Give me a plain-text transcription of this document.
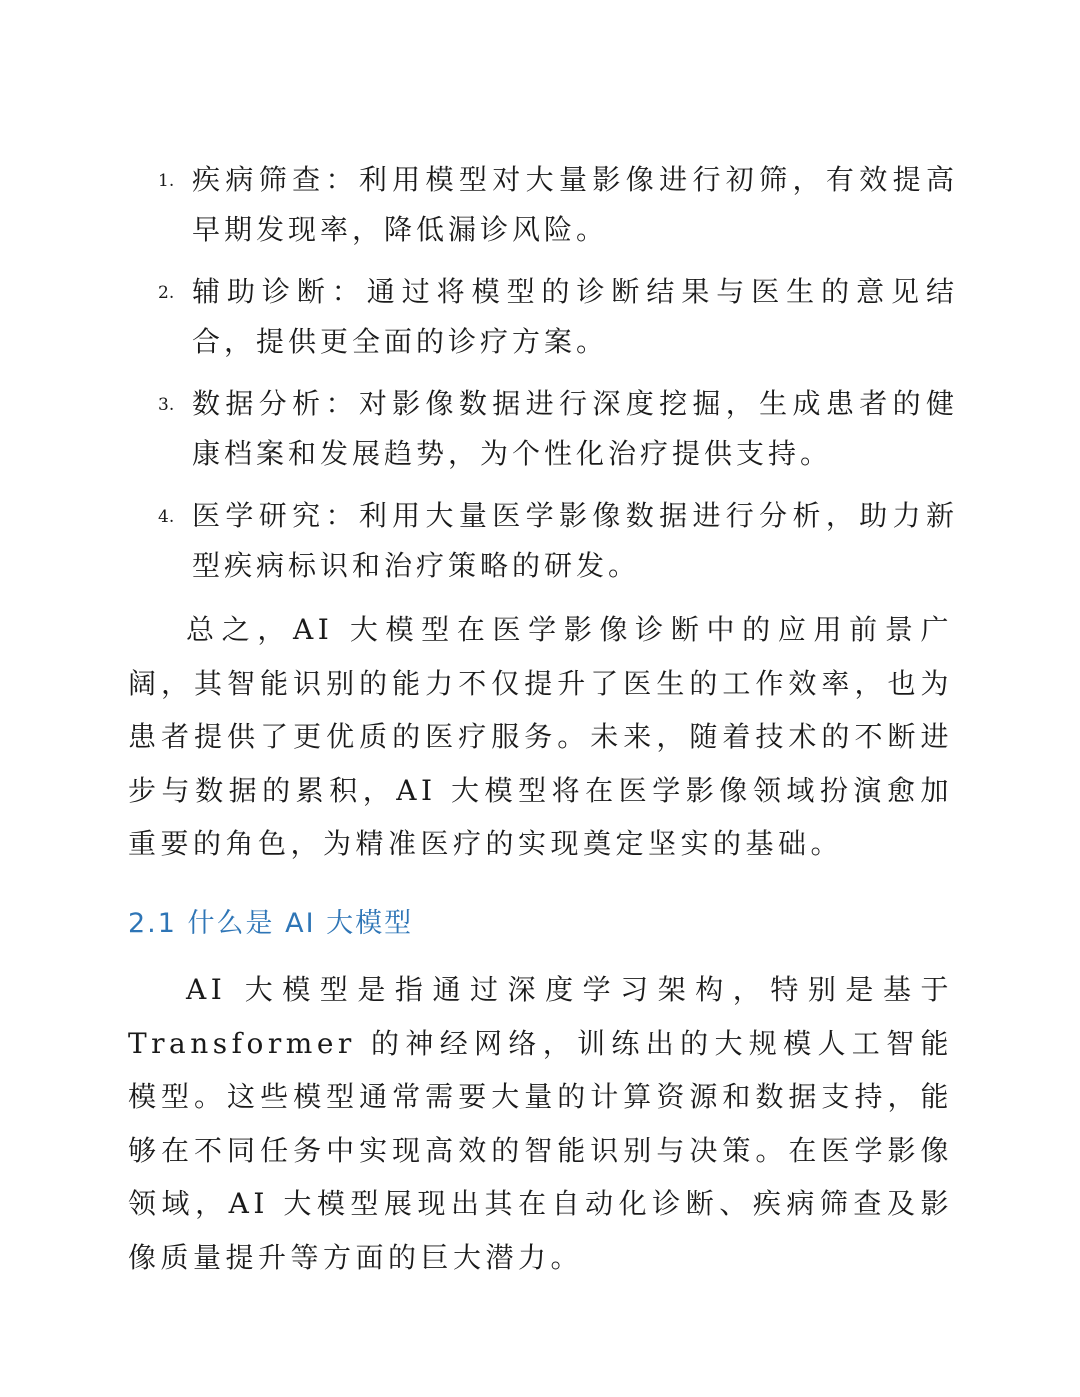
1. 疾病筛查：利用模型对大量影像进行初筛，有效提高早期发现率，降低漏诊风险。
2. 辅助诊断：通过将模型的诊断结果与医生的意见结合，提供更全面的诊疗方案。
3. 数据分析：对影像数据进行深度挖掘，生成患者的健康档案和发展趋势，为个性化治疗提供支持。
4. 医学研究：利用大量医学影像数据进行分析，助力新型疾病标识和治疗策略的研发。

总之，AI 大模型在医学影像诊断中的应用前景广阔，其智能识别的能力不仅提升了医生的工作效率，也为患者提供了更优质的医疗服务。未来，随着技术的不断进步与数据的累积，AI 大模型将在医学影像领域扮演愈加重要的角色，为精准医疗的实现奠定坚实的基础。

2.1 什么是 AI 大模型

AI 大模型是指通过深度学习架构，特别是基于 Transformer 的神经网络，训练出的大规模人工智能模型。这些模型通常需要大量的计算资源和数据支持，能够在不同任务中实现高效的智能识别与决策。在医学影像领域，AI 大模型展现出其在自动化诊断、疾病筛查及影像质量提升等方面的巨大潜力。
